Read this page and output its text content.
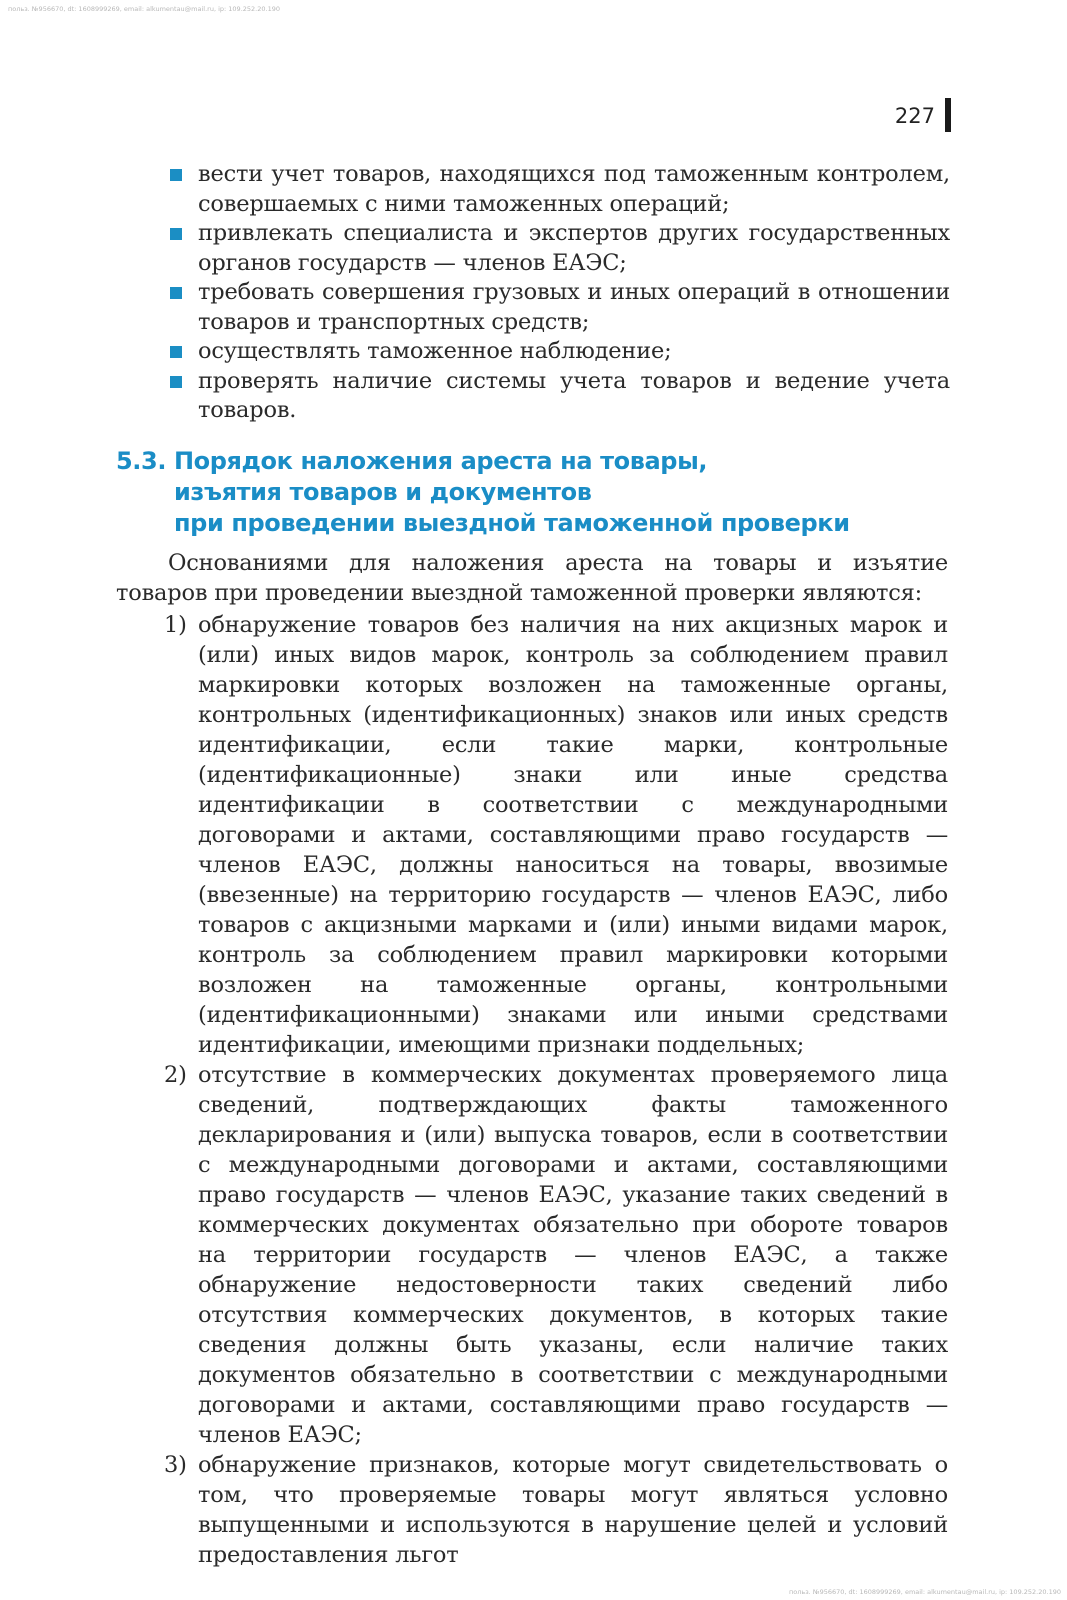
польз. №956670, dt: 1608999269, email: alkumentau@mail.ru, ip: 109.252.20.190
227
вести учет товаров, находящихся под таможенным контролем, совершаемых с ними таможенных операций;
привлекать специалиста и экспертов других государственных органов государств — членов ЕАЭС;
требовать совершения грузовых и иных операций в отношении товаров и транспортных средств;
осуществлять таможенное наблюдение;
проверять наличие системы учета товаров и ведение учета товаров.
5.3. Порядок наложения ареста на товары,
изъятия товаров и документов
при проведении выездной таможенной проверки
Основаниями для наложения ареста на товары и изъятие товаров при проведении выездной таможенной проверки являются:
1) обнаружение товаров без наличия на них акцизных марок и (или) иных видов марок, контроль за соблюдением правил маркировки которых возложен на таможенные органы, контрольных (идентификационных) знаков или иных средств идентификации, если такие марки, контрольные (идентификационные) знаки или иные средства идентификации в соответствии с международными договорами и актами, составляющими право государств — членов ЕАЭС, должны наноситься на товары, ввозимые (ввезенные) на территорию государств — членов ЕАЭС, либо товаров с акцизными марками и (или) иными видами марок, контроль за соблюдением правил маркировки которыми возложен на таможенные органы, контрольными (идентификационными) знаками или иными средствами идентификации, имеющими признаки поддельных;
2) отсутствие в коммерческих документах проверяемого лица сведений, подтверждающих факты таможенного декларирования и (или) выпуска товаров, если в соответствии с международными договорами и актами, составляющими право государств — членов ЕАЭС, указание таких сведений в коммерческих документах обязательно при обороте товаров на территории государств — членов ЕАЭС, а также обнаружение недостоверности таких сведений либо отсутствия коммерческих документов, в которых такие сведения должны быть указаны, если наличие таких документов обязательно в соответствии с международными договорами и актами, составляющими право государств — членов ЕАЭС;
3) обнаружение признаков, которые могут свидетельствовать о том, что проверяемые товары могут являться условно выпущенными и используются в нарушение целей и условий предоставления льгот
польз. №956670, dt: 1608999269, email: alkumentau@mail.ru, ip: 109.252.20.190
